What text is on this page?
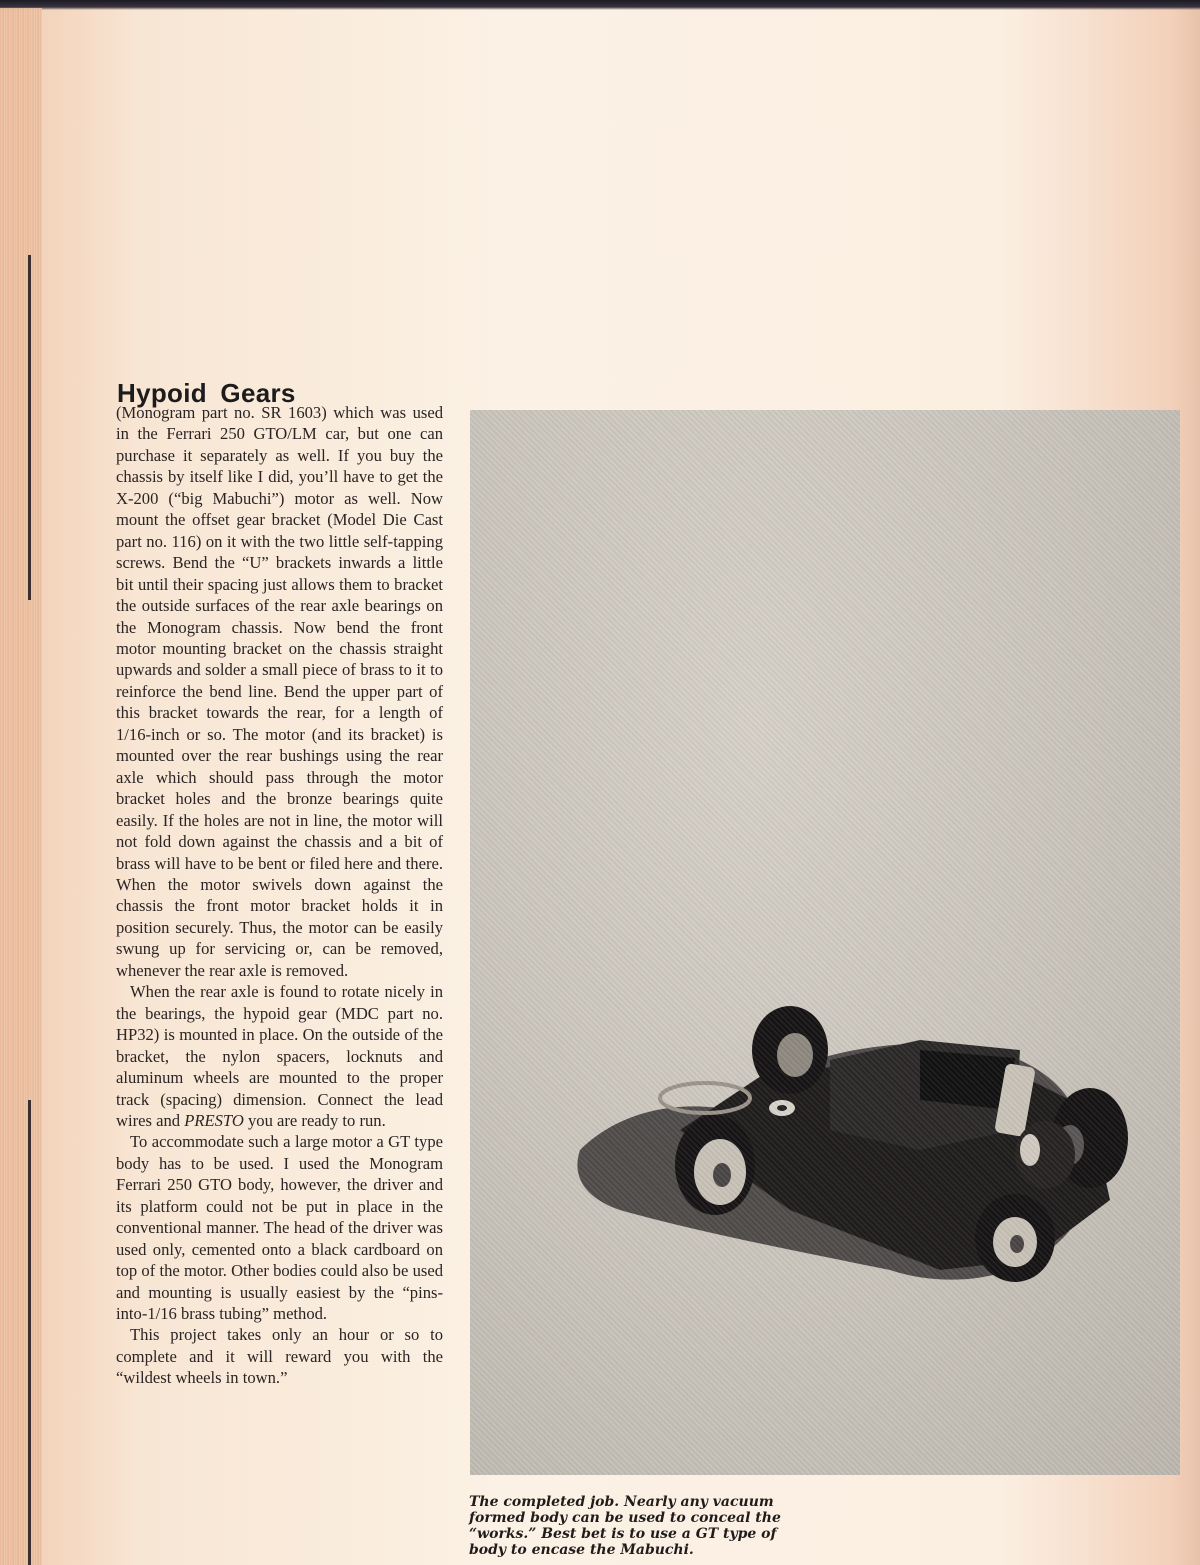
Hypoid Gears

(Monogram part no. SR 1603) which was used in the Ferrari 250 GTO/LM car, but one can purchase it separately as well. If you buy the chassis by itself like I did, you’ll have to get the X-200 (“big Mabuchi”) motor as well. Now mount the offset gear bracket (Model Die Cast part no. 116) on it with the two little self-tapping screws. Bend the “U” brackets inwards a little bit until their spacing just allows them to bracket the outside surfaces of the rear axle bearings on the Monogram chassis. Now bend the front motor mounting bracket on the chassis straight upwards and solder a small piece of brass to it to reinforce the bend line. Bend the upper part of this bracket towards the rear, for a length of 1/16-inch or so. The motor (and its bracket) is mounted over the rear bushings using the rear axle which should pass through the motor bracket holes and the bronze bearings quite easily. If the holes are not in line, the motor will not fold down against the chassis and a bit of brass will have to be bent or filed here and there. When the motor swivels down against the chassis the front motor bracket holds it in position securely. Thus, the motor can be easily swung up for servicing or, can be removed, whenever the rear axle is removed.

When the rear axle is found to rotate nicely in the bearings, the hypoid gear (MDC part no. HP32) is mounted in place. On the outside of the bracket, the nylon spacers, locknuts and aluminum wheels are mounted to the proper track (spacing) dimension. Connect the lead wires and PRESTO you are ready to run.

To accommodate such a large motor a GT type body has to be used. I used the Monogram Ferrari 250 GTO body, however, the driver and its platform could not be put in place in the conventional manner. The head of the driver was used only, cemented onto a black cardboard on top of the motor. Other bodies could also be used and mounting is usually easiest by the “pins-into-1/16 brass tubing” method.

This project takes only an hour or so to complete and it will reward you with the “wildest wheels in town.”

The completed job. Nearly any vacuum formed body can be used to conceal the “works.” Best bet is to use a GT type of body to encase the Mabuchi.
